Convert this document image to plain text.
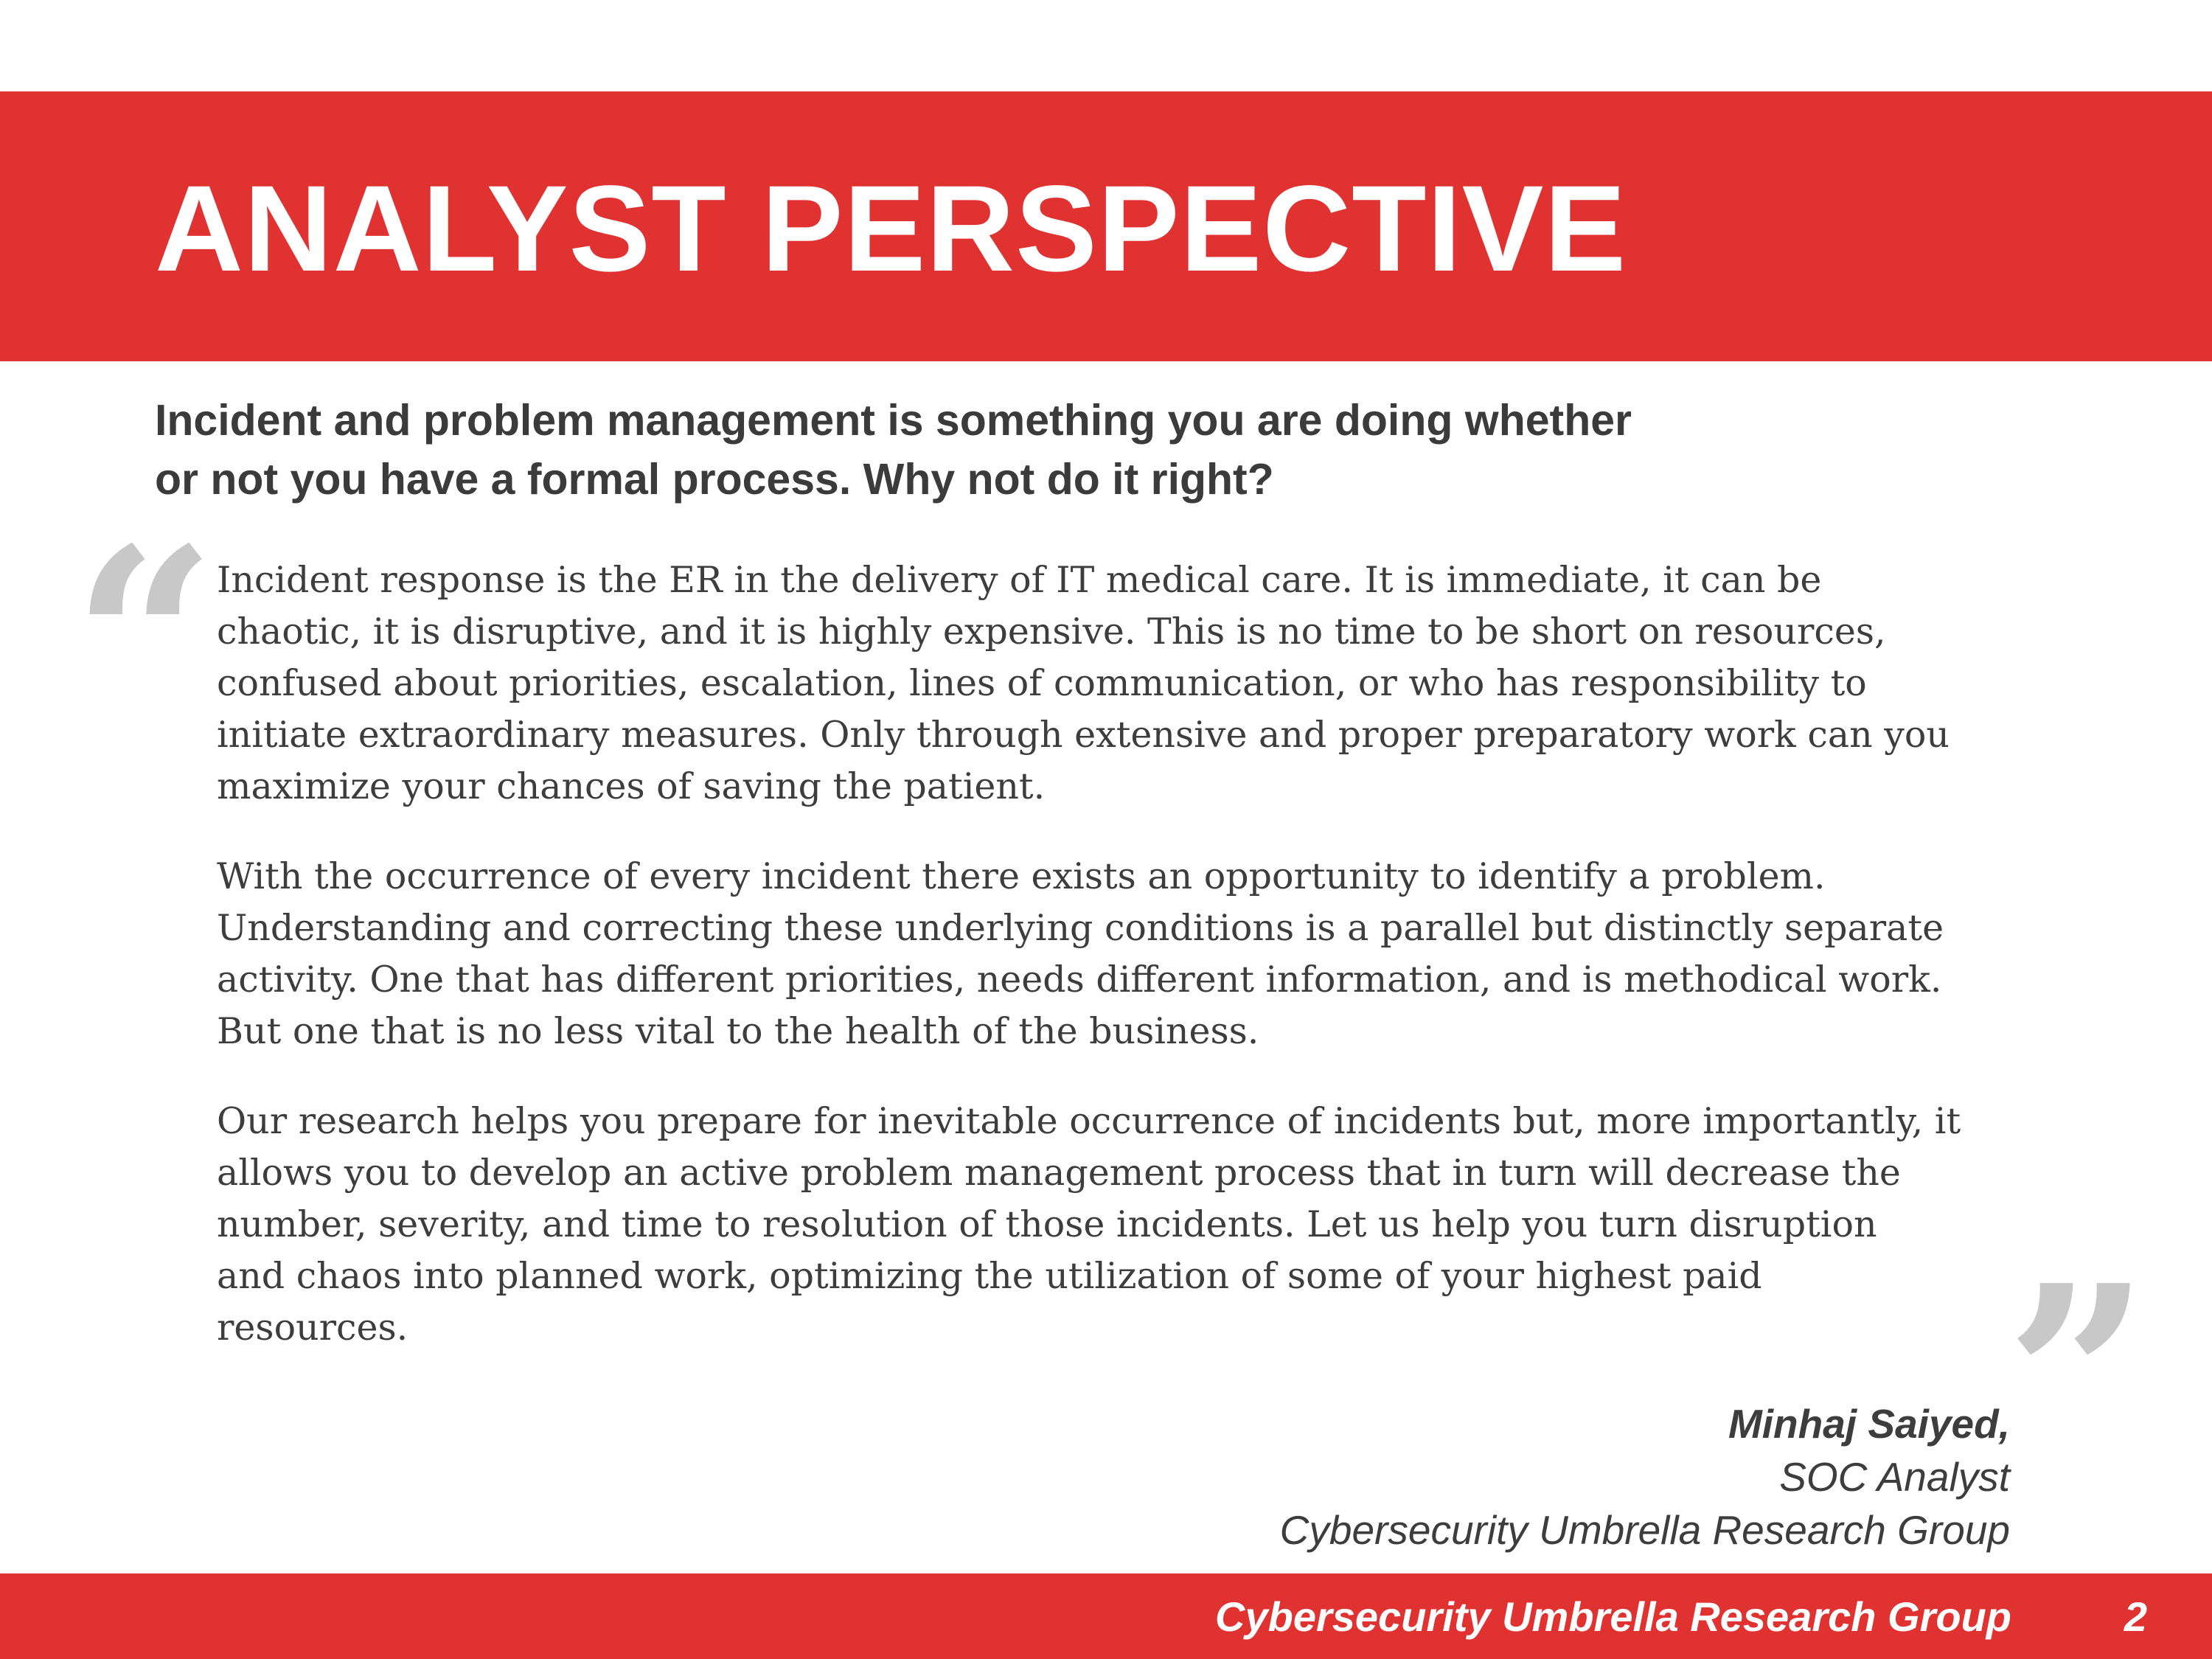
ANALYST PERSPECTIVE
Incident and problem management is something you are doing whether
or not you have a formal process. Why not do it right?
“ Incident response is the ER in the delivery of IT medical care. It is immediate, it can be
chaotic, it is disruptive, and it is highly expensive. This is no time to be short on resources,
confused about priorities, escalation, lines of communication, or who has responsibility to
initiate extraordinary measures. Only through extensive and proper preparatory work can you
maximize your chances of saving the patient.

With the occurrence of every incident there exists an opportunity to identify a problem.
Understanding and correcting these underlying conditions is a parallel but distinctly separate
activity. One that has different priorities, needs different information, and is methodical work.
But one that is no less vital to the health of the business.

Our research helps you prepare for inevitable occurrence of incidents but, more importantly, it
allows you to develop an active problem management process that in turn will decrease the
number, severity, and time to resolution of those incidents. Let us help you turn disruption
and chaos into planned work, optimizing the utilization of some of your highest paid
resources.	”
Minhaj Saiyed,
SOC Analyst
Cybersecurity Umbrella Research Group
Cybersecurity Umbrella Research Group	2
